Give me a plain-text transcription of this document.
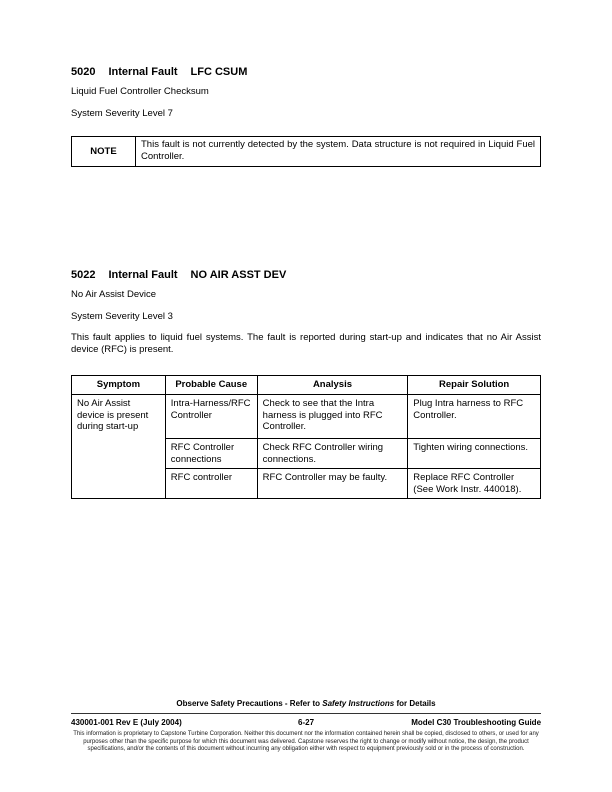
5020 Internal Fault LFC CSUM

Liquid Fuel Controller Checksum

System Severity Level 7

NOTE
This fault is not currently detected by the system. Data structure is not required in Liquid Fuel Controller.
5022 Internal Fault NO AIR ASST DEV

No Air Assist Device

System Severity Level 3

This fault applies to liquid fuel systems. The fault is reported during start-up and indicates that no Air Assist device (RFC) is present.

Symptom	Probable Cause	Analysis	Repair Solution
No Air Assist device is present during start-up	Intra-Harness/RFC Controller	Check to see that the Intra harness is plugged into RFC Controller.	Plug Intra harness to RFC Controller.
	RFC Controller connections	Check RFC Controller wiring connections.	Tighten wiring connections.
	RFC controller	RFC Controller may be faulty.	Replace RFC Controller (See Work Instr. 440018).
Observe Safety Precautions - Refer to Safety Instructions for Details
430001-001 Rev E (July 2004)	6-27	Model C30 Troubleshooting Guide

This information is proprietary to Capstone Turbine Corporation. Neither this document nor the information contained herein shall be copied, disclosed to others, or used for any purposes other than the specific purpose for which this document was delivered. Capstone reserves the right to change or modify without notice, the design, the product specifications, and/or the contents of this document without incurring any obligation either with respect to equipment previously sold or in the process of construction.
